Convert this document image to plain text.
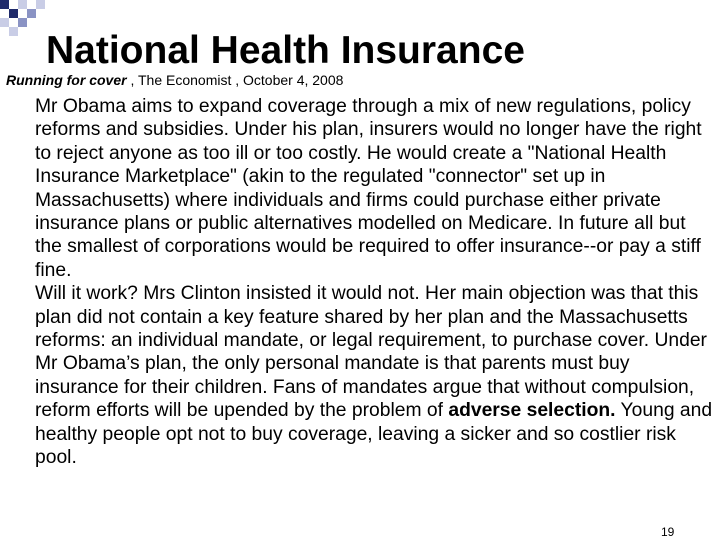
National Health Insurance
Running for cover , The Economist , October 4, 2008

Mr Obama aims to expand coverage through a mix of new regulations, policy reforms and subsidies. Under his plan, insurers would no longer have the right to reject anyone as too ill or too costly. He would create a "National Health Insurance Marketplace" (akin to the regulated "connector" set up in Massachusetts) where individuals and firms could purchase either private insurance plans or public alternatives modelled on Medicare. In future all but the smallest of corporations would be required to offer insurance--or pay a stiff fine.

Will it work? Mrs Clinton insisted it would not. Her main objection was that this plan did not contain a key feature shared by her plan and the Massachusetts reforms: an individual mandate, or legal requirement, to purchase cover. Under Mr Obama’s plan, the only personal mandate is that parents must buy insurance for their children. Fans of mandates argue that without compulsion, reform efforts will be upended by the problem of adverse selection. Young and healthy people opt not to buy coverage, leaving a sicker and so costlier risk pool.

19
